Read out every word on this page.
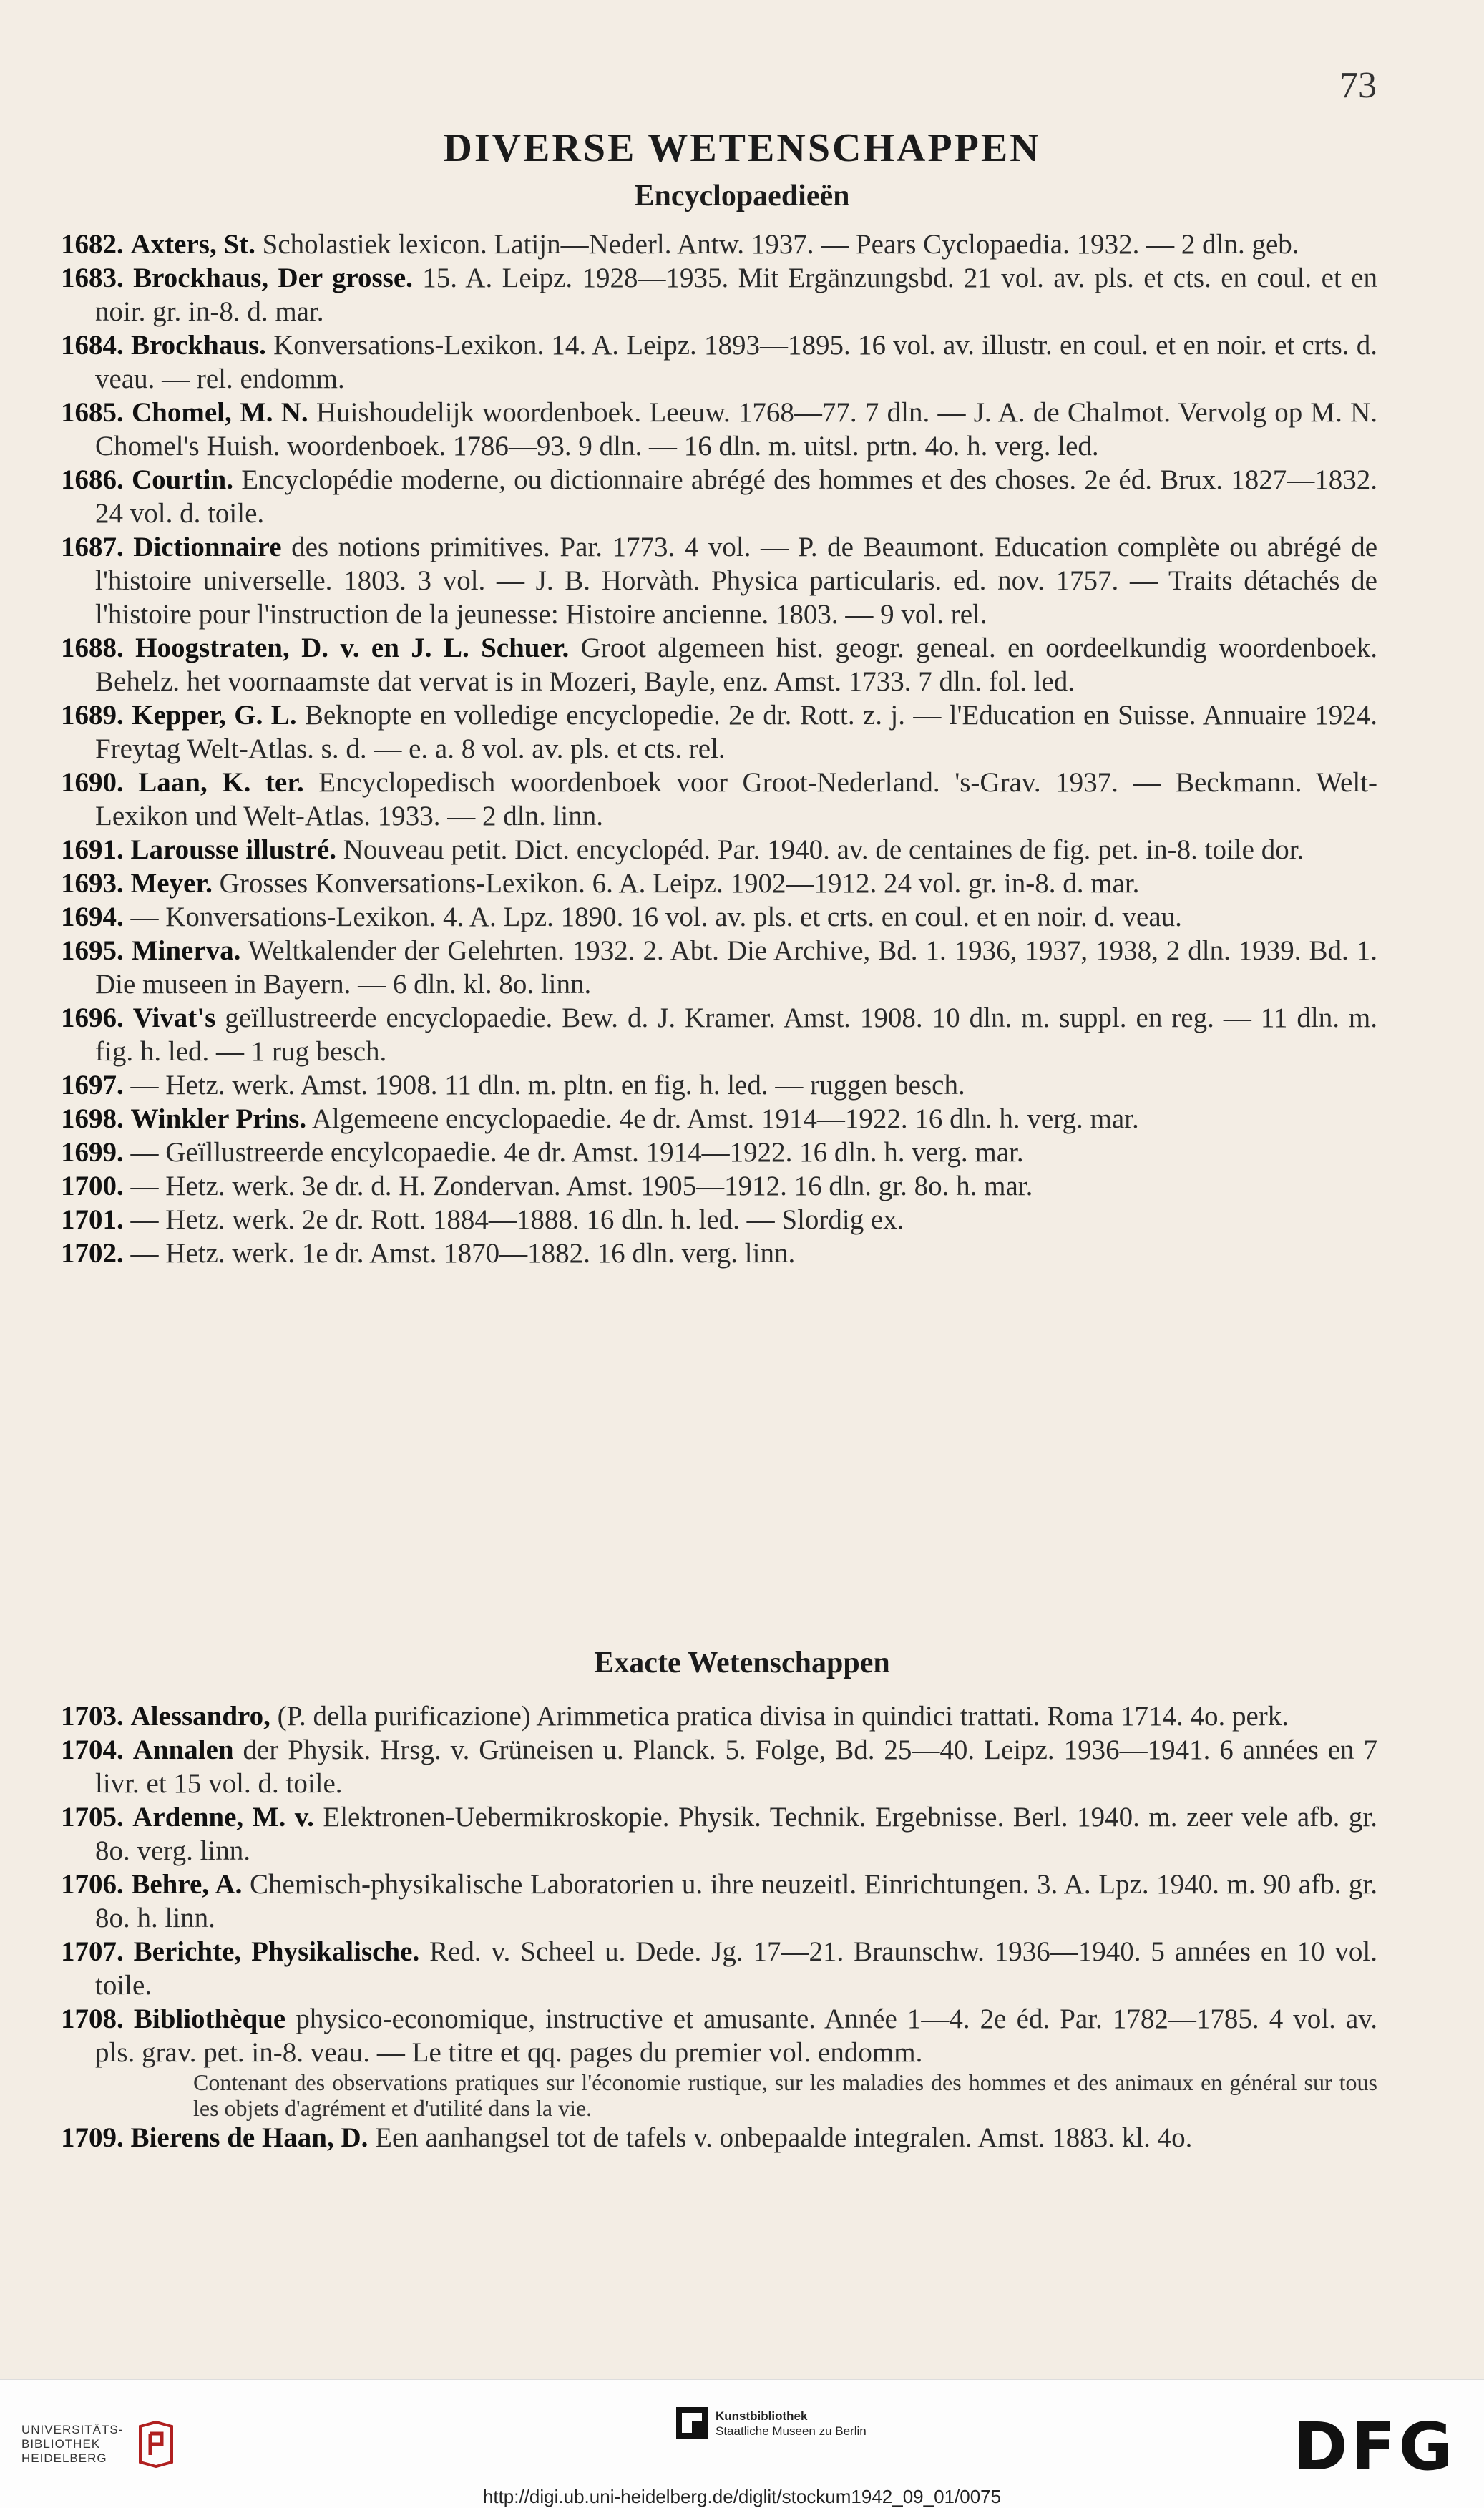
73
DIVERSE WETENSCHAPPEN
Encyclopaedieën
1682. Axters, St. Scholastiek lexicon. Latijn—Nederl. Antw. 1937. — Pears Cyclopaedia. 1932. — 2 dln. geb.
1683. Brockhaus, Der grosse. 15. A. Leipz. 1928—1935. Mit Ergänzungsbd. 21 vol. av. pls. et cts. en coul. et en noir. gr. in-8. d. mar.
1684. Brockhaus. Konversations-Lexikon. 14. A. Leipz. 1893—1895. 16 vol. av. illustr. en coul. et en noir. et crts. d. veau. — rel. endomm.
1685. Chomel, M. N. Huishoudelijk woordenboek. Leeuw. 1768—77. 7 dln. — J. A. de Chalmot. Vervolg op M. N. Chomel's Huish. woordenboek. 1786—93. 9 dln. — 16 dln. m. uitsl. prtn. 4o. h. verg. led.
1686. Courtin. Encyclopédie moderne, ou dictionnaire abrégé des hommes et des choses. 2e éd. Brux. 1827—1832. 24 vol. d. toile.
1687. Dictionnaire des notions primitives. Par. 1773. 4 vol. — P. de Beaumont. Education complète ou abrégé de l'histoire universelle. 1803. 3 vol. — J. B. Horvàth. Physica particularis. ed. nov. 1757. — Traits détachés de l'histoire pour l'instruction de la jeunesse: Histoire ancienne. 1803. — 9 vol. rel.
1688. Hoogstraten, D. v. en J. L. Schuer. Groot algemeen hist. geogr. geneal. en oordeelkundig woordenboek. Behelz. het voornaamste dat vervat is in Mozeri, Bayle, enz. Amst. 1733. 7 dln. fol. led.
1689. Kepper, G. L. Beknopte en volledige encyclopedie. 2e dr. Rott. z. j. — l'Education en Suisse. Annuaire 1924. Freytag Welt-Atlas. s. d. — e. a. 8 vol. av. pls. et cts. rel.
1690. Laan, K. ter. Encyclopedisch woordenboek voor Groot-Nederland. 's-Grav. 1937. — Beckmann. Welt-Lexikon und Welt-Atlas. 1933. — 2 dln. linn.
1691. Larousse illustré. Nouveau petit. Dict. encyclopéd. Par. 1940. av. de centaines de fig. pet. in-8. toile dor.
1693. Meyer. Grosses Konversations-Lexikon. 6. A. Leipz. 1902—1912. 24 vol. gr. in-8. d. mar.
1694. — Konversations-Lexikon. 4. A. Lpz. 1890. 16 vol. av. pls. et crts. en coul. et en noir. d. veau.
1695. Minerva. Weltkalender der Gelehrten. 1932. 2. Abt. Die Archive, Bd. 1. 1936, 1937, 1938, 2 dln. 1939. Bd. 1. Die museen in Bayern. — 6 dln. kl. 8o. linn.
1696. Vivat's geïllustreerde encyclopaedie. Bew. d. J. Kramer. Amst. 1908. 10 dln. m. suppl. en reg. — 11 dln. m. fig. h. led. — 1 rug besch.
1697. — Hetz. werk. Amst. 1908. 11 dln. m. pltn. en fig. h. led. — ruggen besch.
1698. Winkler Prins. Algemeene encyclopaedie. 4e dr. Amst. 1914—1922. 16 dln. h. verg. mar.
1699. — Geïllustreerde encylcopaedie. 4e dr. Amst. 1914—1922. 16 dln. h. verg. mar.
1700. — Hetz. werk. 3e dr. d. H. Zondervan. Amst. 1905—1912. 16 dln. gr. 8o. h. mar.
1701. — Hetz. werk. 2e dr. Rott. 1884—1888. 16 dln. h. led. — Slordig ex.
1702. — Hetz. werk. 1e dr. Amst. 1870—1882. 16 dln. verg. linn.
Exacte Wetenschappen
1703. Alessandro, (P. della purificazione) Arimmetica pratica divisa in quindici trattati. Roma 1714. 4o. perk.
1704. Annalen der Physik. Hrsg. v. Grüneisen u. Planck. 5. Folge, Bd. 25—40. Leipz. 1936—1941. 6 années en 7 livr. et 15 vol. d. toile.
1705. Ardenne, M. v. Elektronen-Uebermikroskopie. Physik. Technik. Ergebnisse. Berl. 1940. m. zeer vele afb. gr. 8o. verg. linn.
1706. Behre, A. Chemisch-physikalische Laboratorien u. ihre neuzeitl. Einrichtungen. 3. A. Lpz. 1940. m. 90 afb. gr. 8o. h. linn.
1707. Berichte, Physikalische. Red. v. Scheel u. Dede. Jg. 17—21. Braunschw. 1936—1940. 5 années en 10 vol. toile.
1708. Bibliothèque physico-economique, instructive et amusante. Année 1—4. 2e éd. Par. 1782—1785. 4 vol. av. pls. grav. pet. in-8. veau. — Le titre et qq. pages du premier vol. endomm.
Contenant des observations pratiques sur l'économie rustique, sur les maladies des hommes et des animaux en général sur tous les objets d'agrément et d'utilité dans la vie.
1709. Bierens de Haan, D. Een aanhangsel tot de tafels v. onbepaalde integralen. Amst. 1883. kl. 4o.
UNIVERSITÄTS-BIBLIOTHEK HEIDELBERG
Kunstbibliothek
Staatliche Museen zu Berlin	DFG
http://digi.ub.uni-heidelberg.de/diglit/stockum1942_09_01/0075
